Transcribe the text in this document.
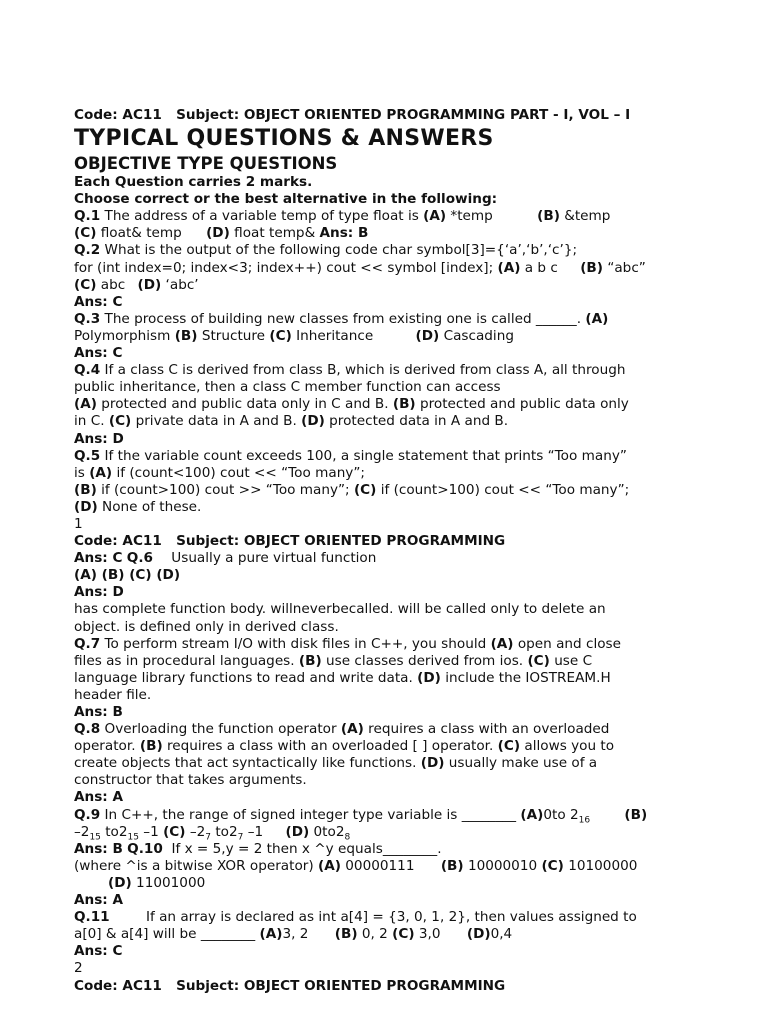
Code: AC11 Subject: OBJECT ORIENTED PROGRAMMING PART - I, VOL – I
TYPICAL QUESTIONS & ANSWERS
OBJECTIVE TYPE QUESTIONS
Each Question carries 2 marks.
Choose correct or the best alternative in the following:
Q.1 The address of a variable temp of type float is (A) *temp	(B) &temp
(C) float& temp (D) float temp& Ans: B
Q.2 What is the output of the following code char symbol[3]={‘a’,‘b’,‘c’};
for (int index=0; index<3; index++) cout << symbol [index]; (A) a b c (B) “abc”
(C) abc (D) ‘abc’
Ans: C
Q.3 The process of building new classes from existing one is called ______. (A)
Polymorphism (B) Structure (C) Inheritance	(D) Cascading
Ans: C
Q.4 If a class C is derived from class B, which is derived from class A, all through
public inheritance, then a class C member function can access
(A) protected and public data only in C and B. (B) protected and public data only
in C. (C) private data in A and B. (D) protected data in A and B.
Ans: D
Q.5 If the variable count exceeds 100, a single statement that prints “Too many”
is (A) if (count<100) cout << “Too many”;
(B) if (count>100) cout >> “Too many”; (C) if (count>100) cout << “Too many”;
(D) None of these.
1
Code: AC11 Subject: OBJECT ORIENTED PROGRAMMING
Ans: C Q.6 Usually a pure virtual function
(A) (B) (C) (D)
Ans: D
has complete function body. willneverbecalled. will be called only to delete an
object. is defined only in derived class.
Q.7 To perform stream I/O with disk files in C++, you should (A) open and close
files as in procedural languages. (B) use classes derived from ios. (C) use C
language library functions to read and write data. (D) include the IOSTREAM.H
header file.
Ans: B
Q.8 Overloading the function operator (A) requires a class with an overloaded
operator. (B) requires a class with an overloaded [ ] operator. (C) allows you to
create objects that act syntactically like functions. (D) usually make use of a
constructor that takes arguments.
Ans: A
Q.9 In C++, the range of signed integer type variable is ________ (A)0to $2_{16}$	(B)
$-2_{15}$ $to2_{15}$ –1 (C) $-2_7$ $to2_7$ –1 (D) $0to2_8$
Ans: B Q.10 If x = 5,y = 2 then x ^y equals________.
(where ^is a bitwise XOR operator) (A) 00000111 (B) 10000010 (C) 10100000
(D) 11001000
Ans: A
Q.11	If an array is declared as int a[4] = {3, 0, 1, 2}, then values assigned to
a[0] & a[4] will be ________ (A)3, 2 (B) 0, 2 (C) 3,0 (D)0,4
Ans: C
2
Code: AC11 Subject: OBJECT ORIENTED PROGRAMMING
